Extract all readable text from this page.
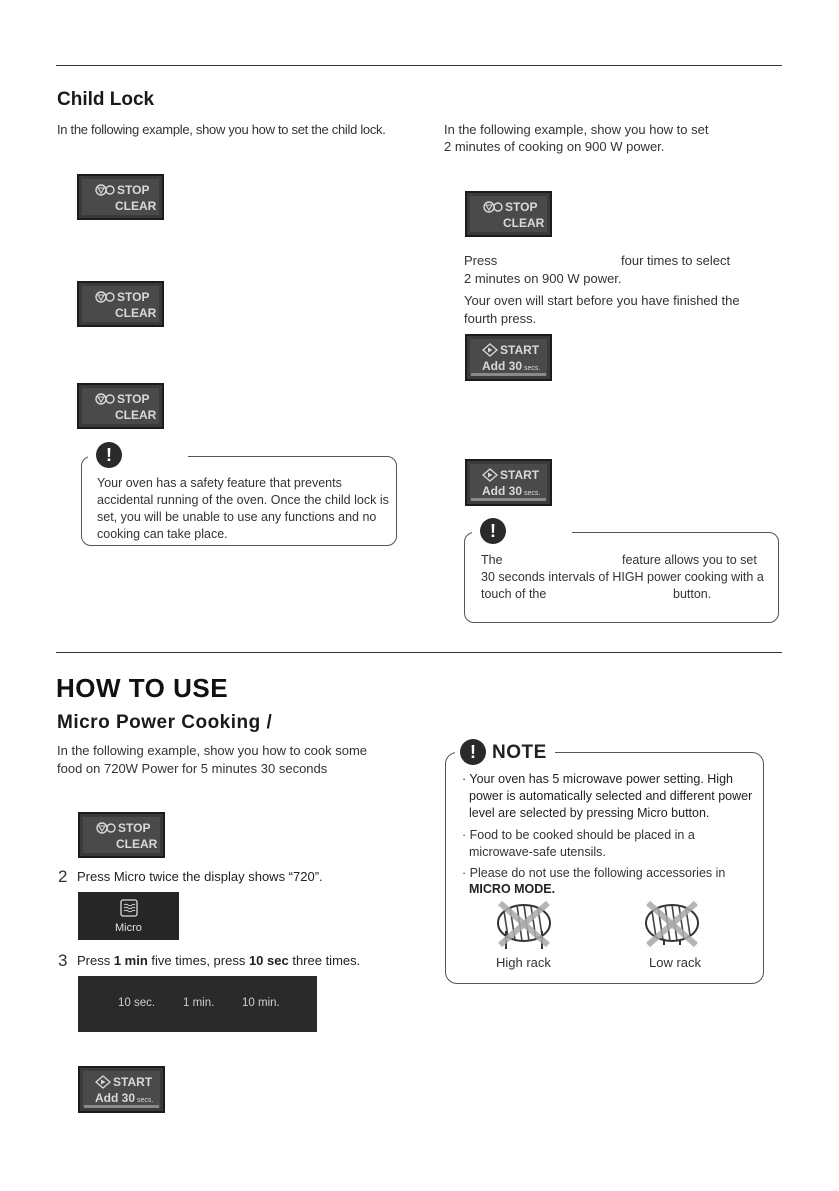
Child Lock
In the following example, show you how to set the child lock.
STOP
CLEAR
STOP
CLEAR
STOP
CLEAR
Your oven has a safety feature that prevents accidental running of the oven. Once the child lock is set, you will be unable to use any functions and no cooking can take place.
!
In the following example, show you how to set
2 minutes of cooking on 900 W power.
STOP
CLEAR
Press	four times to select
2 minutes on 900 W power.
Your oven will start before you have finished the
fourth press.
START
Add 30 secs.
START
Add 30 secs.
The	feature allows you to set
30 seconds intervals of HIGH power cooking with a
touch of the	button.
!
HOW TO USE
Micro Power Cooking /
In the following example, show you how to cook some
food on 720W Power for 5 minutes 30 seconds
STOP
CLEAR
2 Press Micro twice the display shows “720”.
Micro
3 Press 1 min five times, press 10 sec three times.
10 sec. 1 min. 10 min.
START
Add 30 secs.
· Your oven has 5 microwave power setting. High
power is automatically selected and different power
level are selected by pressing Micro button.
· Food to be cooked should be placed in a
microwave-safe utensils.
· Please do not use the following accessories in
MICRO MODE.
High rack	Low rack
! NOTE
